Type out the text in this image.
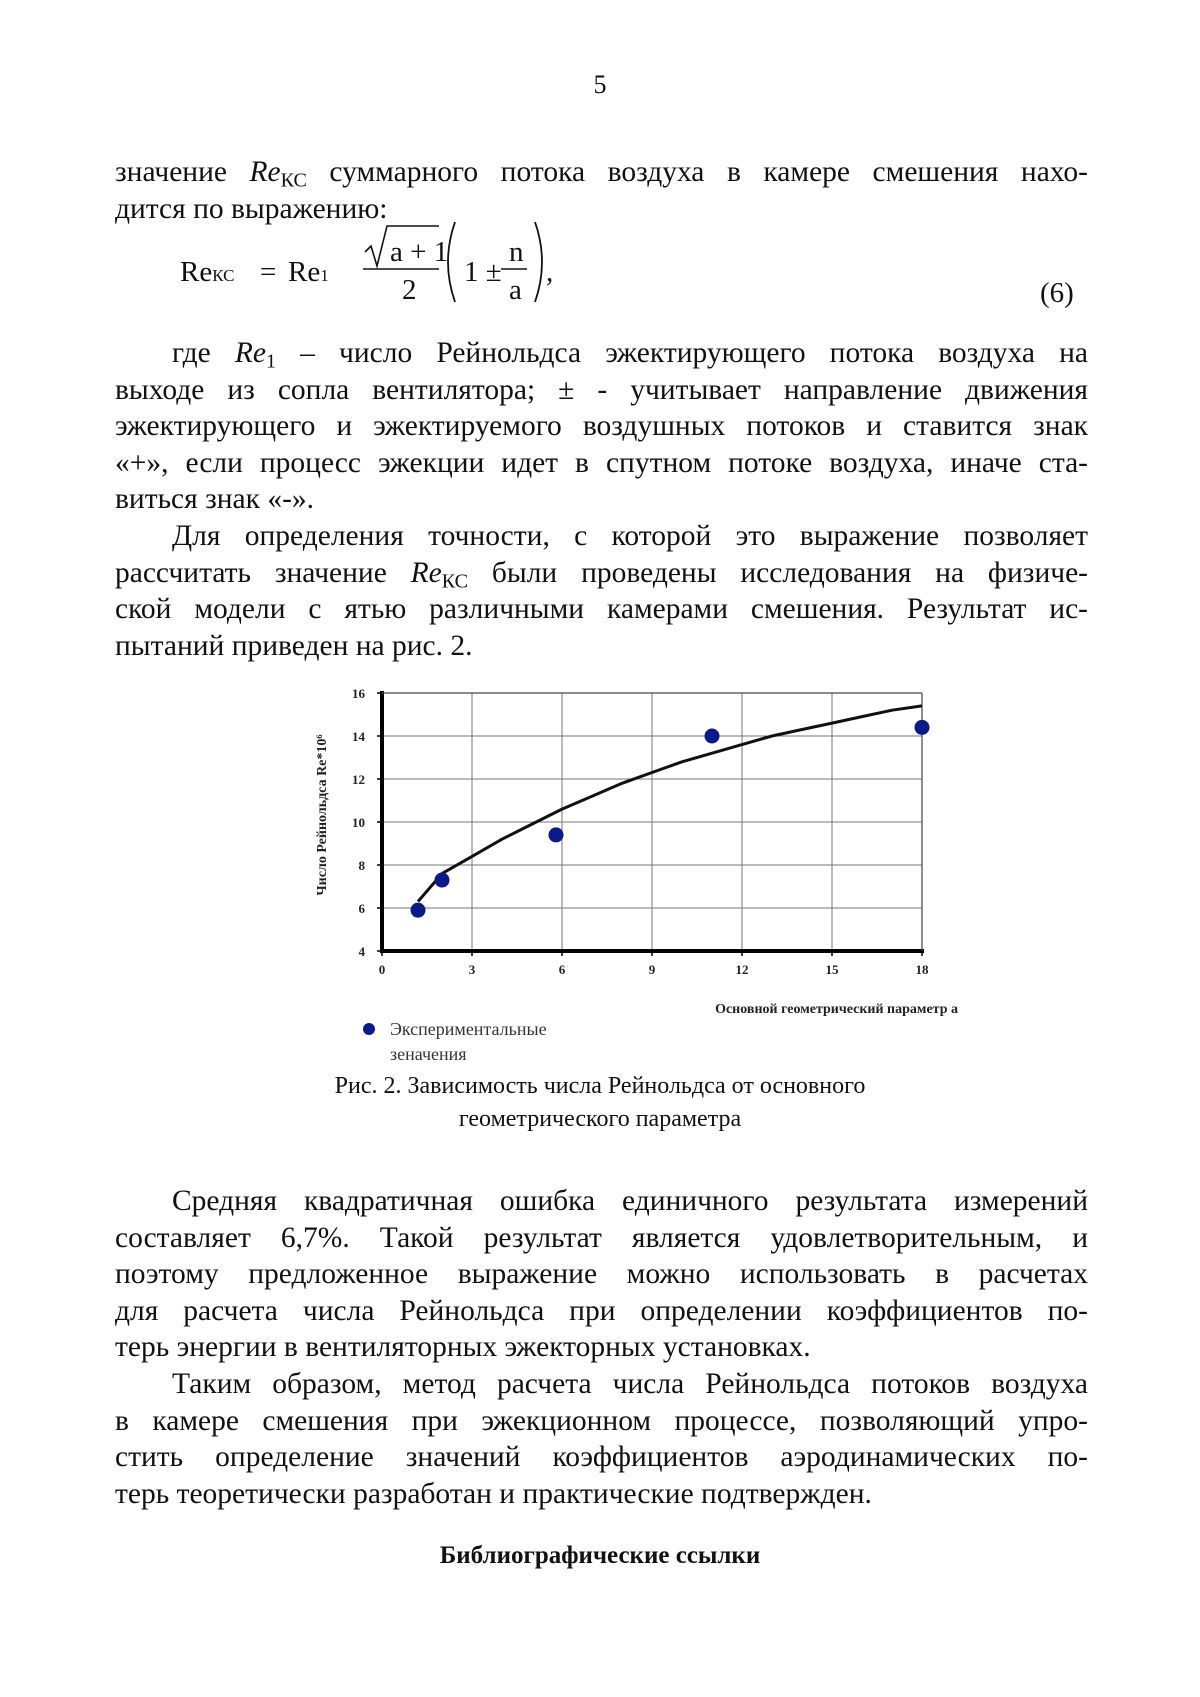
5
значение $Re_{КС}$ суммарного потока воздуха в камере смешения нахо-
дится по выражению:
ReКС = Re1
a + 1
2
1 ±
n
a
,
(6)
где $Re_1$ – число Рейнольдса эжектирующего потока воздуха на
выходе из сопла вентилятора; ± - учитывает направление движения
эжектирующего и эжектируемого воздушных потоков и ставится знак
«+», если процесс эжекции идет в спутном потоке воздуха, иначе ста-
виться знак «-».
Для определения точности, с которой это выражение позволяет
рассчитать значение $Re_{КС}$ были проведены исследования на физиче-
ской модели с ятью различными камерами смешения. Результат ис-
пытаний приведен на рис. 2.
0	3	6	9	12	15	18
4
6
8
10
12
14
16
Число Рейнольдса Re*10⁶
Основной геометрический параметр a
Экспериментальные
зеначения
Рис. 2. Зависимость числа Рейнольдса от основного
геометрического параметра
Средняя квадратичная ошибка единичного результата измерений
составляет 6,7%. Такой результат является удовлетворительным, и
поэтому предложенное выражение можно использовать в расчетах
для расчета числа Рейнольдса при определении коэффициентов по-
терь энергии в вентиляторных эжекторных установках.
Таким образом, метод расчета числа Рейнольдса потоков воздуха
в камере смешения при эжекционном процессе, позволяющий упро-
стить определение значений коэффициентов аэродинамических по-
терь теоретически разработан и практические подтвержден.
Библиографические ссылки
